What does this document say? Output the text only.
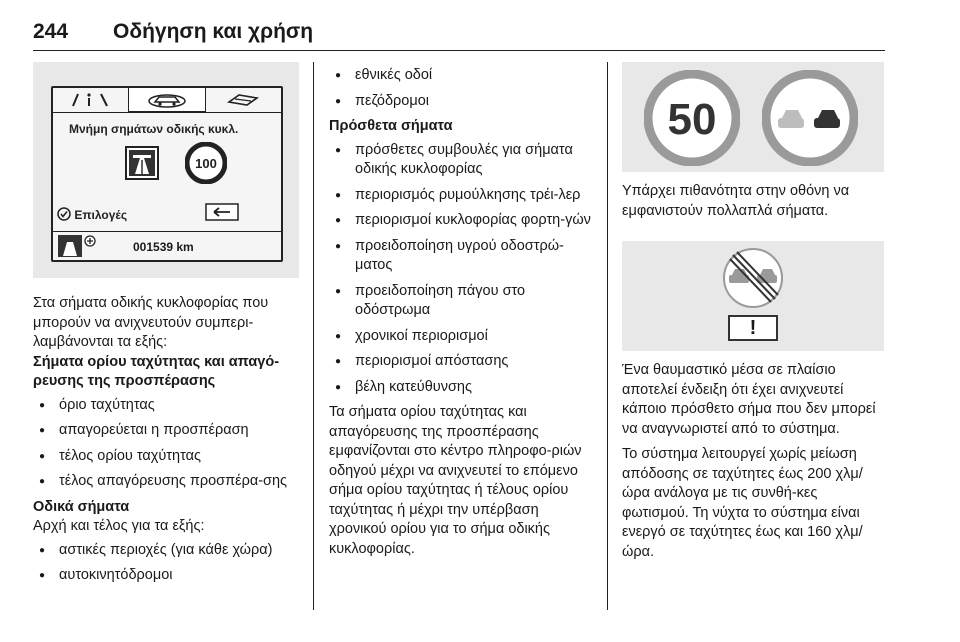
244 Οδήγηση και χρήση
Μνήμη σημάτων οδικής κυκλ.
100
Επιλογές
001539 km

Στα σήματα οδικής κυκλοφορίας που μπορούν να ανιχνευτούν συμπερι-λαμβάνονται τα εξής:

Σήματα ορίου ταχύτητας και απαγό-ρευσης της προσπέρασης

● όριο ταχύτητας
● απαγορεύεται η προσπέραση
● τέλος ορίου ταχύτητας
● τέλος απαγόρευσης προσπέρα-σης

Οδικά σήματα

Αρχή και τέλος για τα εξής:

● αστικές περιοχές (για κάθε χώρα)
● αυτοκινητόδρομοι
● εθνικές οδοί
● πεζόδρομοι

Πρόσθετα σήματα

● πρόσθετες συμβουλές για σήματα οδικής κυκλοφορίας
● περιορισμός ρυμούλκησης τρέι-λερ
● περιορισμοί κυκλοφορίας φορτη-γών
● προειδοποίηση υγρού οδοστρώ-ματος
● προειδοποίηση πάγου στο οδόστρωμα
● χρονικοί περιορισμοί
● περιορισμοί απόστασης
● βέλη κατεύθυνσης

Τα σήματα ορίου ταχύτητας και απαγόρευσης της προσπέρασης εμφανίζονται στο κέντρο πληροφο-ριών οδηγού μέχρι να ανιχνευτεί το επόμενο σήμα ορίου ταχύτητας ή τέλους ορίου ταχύτητας ή μέχρι την υπέρβαση χρονικού ορίου για το σήμα οδικής κυκλοφορίας.

50

Υπάρχει πιθανότητα στην οθόνη να εμφανιστούν πολλαπλά σήματα.

!

Ένα θαυμαστικό μέσα σε πλαίσιο αποτελεί ένδειξη ότι έχει ανιχνευτεί κάποιο πρόσθετο σήμα που δεν μπορεί να αναγνωριστεί από το σύστημα.

Το σύστημα λειτουργεί χωρίς μείωση απόδοσης σε ταχύτητες έως 200 χλμ/ώρα ανάλογα με τις συνθή-κες φωτισμού. Τη νύχτα το σύστημα είναι ενεργό σε ταχύτητες έως και 160 χλμ/ώρα.
